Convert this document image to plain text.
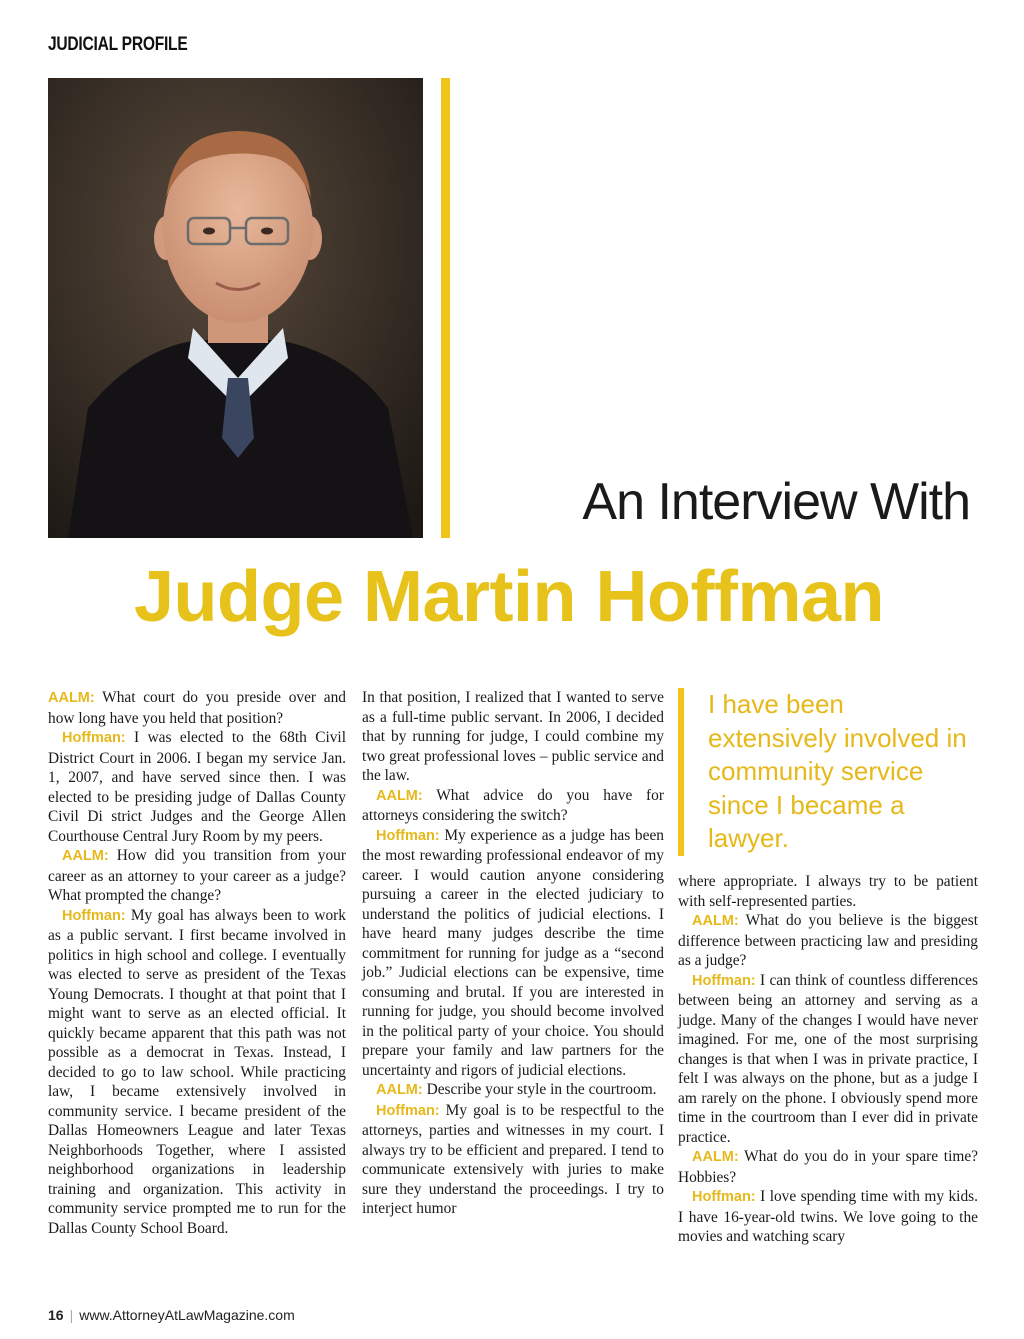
JUDICIAL PROFILE
An Interview With
Judge Martin Hoffman

AALM: What court do you preside over and how long have you held that position?

Hoffman: I was elected to the 68th Civil District Court in 2006. I began my service Jan. 1, 2007, and have served since then. I was elected to be presiding judge of Dallas County Civil Di strict Judges and the George Allen Courthouse Central Jury Room by my peers.

AALM: How did you transition from your career as an attorney to your career as a judge? What prompted the change?

Hoffman: My goal has always been to work as a public servant. I first became involved in politics in high school and college. I eventually was elected to serve as president of the Texas Young Democrats. I thought at that point that I might want to serve as an elected official. It quickly became apparent that this path was not possible as a democrat in Texas. Instead, I decided to go to law school. While practicing law, I became extensively involved in community service. I became president of the Dallas Homeowners League and later Texas Neighborhoods Together, where I assisted neighborhood organizations in leadership training and organization. This activity in community service prompted me to run for the Dallas County School Board.

In that position, I realized that I wanted to serve as a full-time public servant. In 2006, I decided that by running for judge, I could combine my two great professional loves – public service and the law.

AALM: What advice do you have for attorneys considering the switch?

Hoffman: My experience as a judge has been the most rewarding professional endeavor of my career. I would caution anyone considering pursuing a career in the elected judiciary to understand the politics of judicial elections. I have heard many judges describe the time commitment for running for judge as a “second job.” Judicial elections can be expensive, time consuming and brutal. If you are interested in running for judge, you should become involved in the political party of your choice. You should prepare your family and law partners for the uncertainty and rigors of judicial elections.

AALM: Describe your style in the courtroom.

Hoffman: My goal is to be respectful to the attorneys, parties and witnesses in my court. I always try to be efficient and prepared. I tend to communicate extensively with juries to make sure they understand the proceedings. I try to interject humor

I have been extensively involved in community service since I became a lawyer.

where appropriate. I always try to be patient with self-represented parties.

AALM: What do you believe is the biggest difference between practicing law and presiding as a judge?

Hoffman: I can think of countless differences between being an attorney and serving as a judge. Many of the changes I would have never imagined. For me, one of the most surprising changes is that when I was in private practice, I felt I was always on the phone, but as a judge I am rarely on the phone. I obviously spend more time in the courtroom than I ever did in private practice.

AALM: What do you do in your spare time? Hobbies?

Hoffman: I love spending time with my kids. I have 16-year-old twins. We love going to the movies and watching scary

16 | www.AttorneyAtLawMagazine.com
